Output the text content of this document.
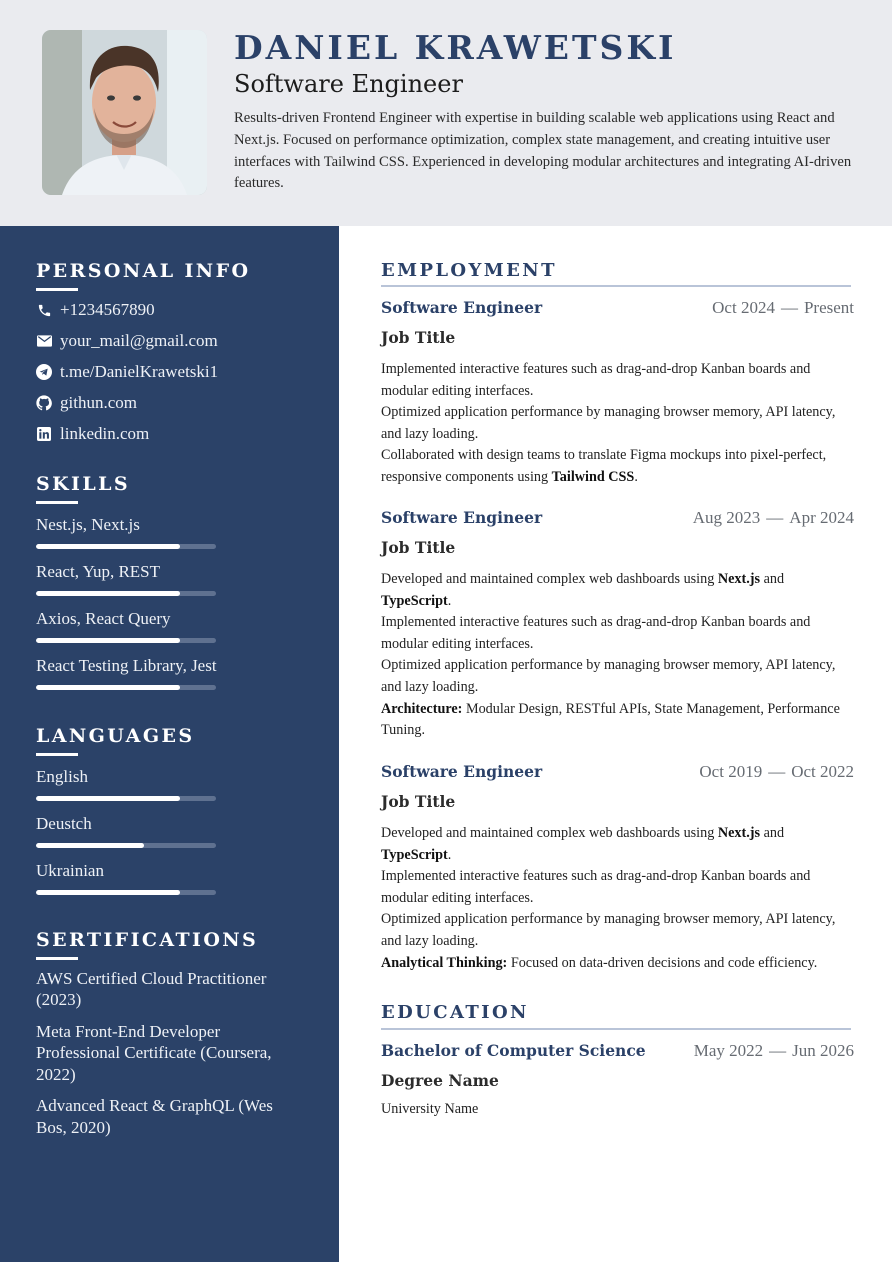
DANIEL KRAWETSKI
Software Engineer
Results-driven Frontend Engineer with expertise in building scalable web applications using React and Next.js. Focused on performance optimization, complex state management, and creating intuitive user interfaces with Tailwind CSS. Experienced in developing modular architectures and integrating AI-driven features.
PERSONAL INFO
+1234567890
your_mail@gmail.com
t.me/DanielKrawetski1
githun.com
linkedin.com
SKILLS
Nest.js, Next.js
React, Yup, REST
Axios, React Query
React Testing Library, Jest
LANGUAGES
English
Deustch
Ukrainian
SERTIFICATIONS
AWS Certified Cloud Practitioner (2023)
Meta Front-End Developer Professional Certificate (Coursera, 2022)
Advanced React & GraphQL (Wes Bos, 2020)
EMPLOYMENT
Software Engineer	Oct 2024 — Present
Job Title

Implemented interactive features such as drag-and-drop Kanban boards and modular editing interfaces.

Optimized application performance by managing browser memory, API latency, and lazy loading.

Collaborated with design teams to translate Figma mockups into pixel-perfect, responsive components using Tailwind CSS.

Software Engineer	Aug 2023 — Apr 2024
Job Title

Developed and maintained complex web dashboards using Next.js and TypeScript.

Implemented interactive features such as drag-and-drop Kanban boards and modular editing interfaces.

Optimized application performance by managing browser memory, API latency, and lazy loading.

Architecture: Modular Design, RESTful APIs, State Management, Performance Tuning.

Software Engineer	Oct 2019 — Oct 2022
Job Title

Developed and maintained complex web dashboards using Next.js and TypeScript.

Implemented interactive features such as drag-and-drop Kanban boards and modular editing interfaces.

Optimized application performance by managing browser memory, API latency, and lazy loading.

Analytical Thinking: Focused on data-driven decisions and code efficiency.

EDUCATION
Bachelor of Computer Science	May 2022 — Jun 2026
Degree Name
University Name
